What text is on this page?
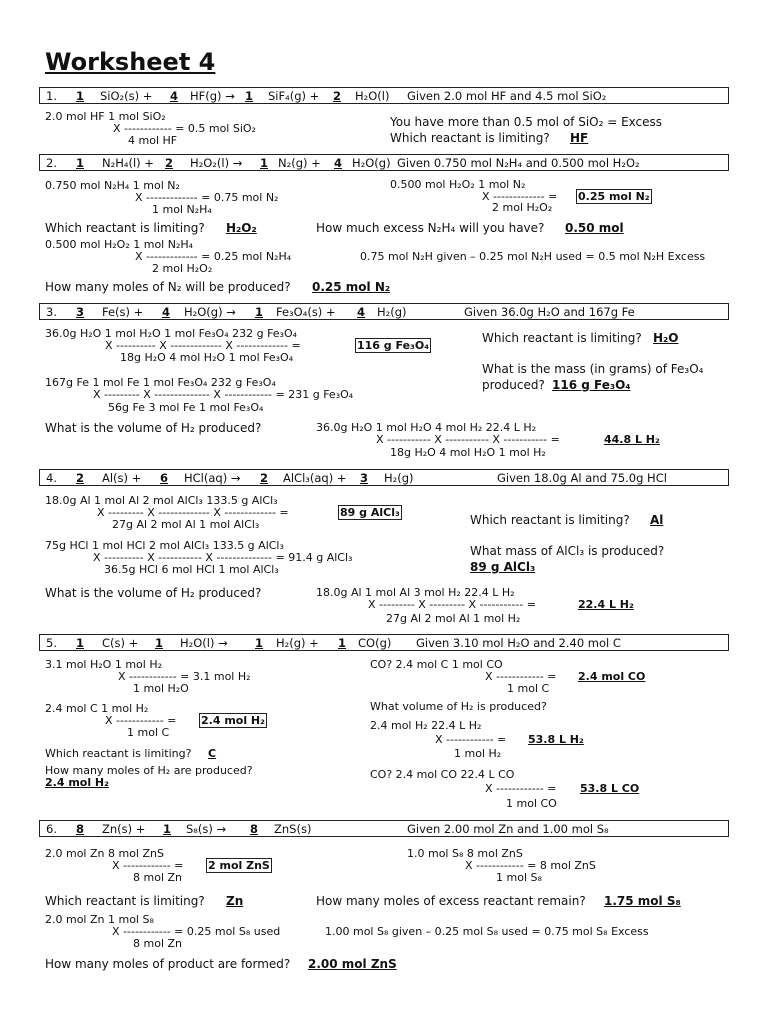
Worksheet 4
1. 1 SiO₂(s) + 4 HF(g) → 1 SiF₄(g) + 2 H₂O(l) Given 2.0 mol HF and 4.5 mol SiO₂
2.0 mol HF 1 mol SiO₂
X ------------ = 0.5 mol SiO₂
4 mol HF
You have more than 0.5 mol of SiO₂ = Excess
Which reactant is limiting? HF
2. 1 N₂H₄(l) + 2 H₂O₂(l) → 1 N₂(g) + 4 H₂O(g) Given 0.750 mol N₂H₄ and 0.500 mol H₂O₂
0.750 mol N₂H₄ 1 mol N₂
X ------------- = 0.75 mol N₂
1 mol N₂H₄
0.500 mol H₂O₂ 1 mol N₂
X ------------- = 0.25 mol N₂
2 mol H₂O₂
Which reactant is limiting? H₂O₂	How much excess N₂H₄ will you have? 0.50 mol
0.500 mol H₂O₂ 1 mol N₂H₄
X ------------- = 0.25 mol N₂H₄
2 mol H₂O₂
0.75 mol N₂H given – 0.25 mol N₂H used = 0.5 mol N₂H Excess
How many moles of N₂ will be produced? 0.25 mol N₂
3. 3 Fe(s) + 4 H₂O(g) → 1 Fe₃O₄(s) + 4 H₂(g)	Given 36.0g H₂O and 167g Fe
36.0g H₂O 1 mol H₂O 1 mol Fe₃O₄ 232 g Fe₃O₄
X ---------- X ------------- X ------------- =	116 g Fe₃O₄
18g H₂O 4 mol H₂O 1 mol Fe₃O₄
Which reactant is limiting? H₂O
167g Fe 1 mol Fe 1 mol Fe₃O₄ 232 g Fe₃O₄
X --------- X -------------- X ------------ = 231 g Fe₃O₄
56g Fe 3 mol Fe 1 mol Fe₃O₄
What is the mass (in grams) of Fe₃O₄
produced? 116 g Fe₃O₄
What is the volume of H₂ produced?	36.0g H₂O 1 mol H₂O 4 mol H₂ 22.4 L H₂
X ----------- X ----------- X ----------- =	44.8 L H₂
18g H₂O 4 mol H₂O 1 mol H₂
4. 2 Al(s) + 6 HCl(aq) → 2 AlCl₃(aq) + 3 H₂(g)	Given 18.0g Al and 75.0g HCl
18.0g Al 1 mol Al 2 mol AlCl₃ 133.5 g AlCl₃
X --------- X ------------- X ------------- =	89 g AlCl₃
27g Al 2 mol Al 1 mol AlCl₃	Which reactant is limiting? Al
75g HCl 1 mol HCl 2 mol AlCl₃ 133.5 g AlCl₃
X ---------- X ----------- X -------------- = 91.4 g AlCl₃
36.5g HCl 6 mol HCl 1 mol AlCl₃
What mass of AlCl₃ is produced?
89 g AlCl₃
What is the volume of H₂ produced?	18.0g Al 1 mol Al 3 mol H₂ 22.4 L H₂
X --------- X --------- X ----------- =	22.4 L H₂
27g Al 2 mol Al 1 mol H₂
5. 1 C(s) + 1 H₂O(l) → 1 H₂(g) + 1 CO(g) Given 3.10 mol H₂O and 2.40 mol C
3.1 mol H₂O 1 mol H₂
X ------------ = 3.1 mol H₂
1 mol H₂O
2.4 mol C 1 mol H₂
X ------------ = 2.4 mol H₂
1 mol C
Which reactant is limiting? C
How many moles of H₂ are produced?
2.4 mol H₂
CO? 2.4 mol C 1 mol CO
X ------------ = 2.4 mol CO
1 mol C
What volume of H₂ is produced?
2.4 mol H₂ 22.4 L H₂
X ------------ = 53.8 L H₂
1 mol H₂
CO? 2.4 mol CO 22.4 L CO
X ------------ = 53.8 L CO
1 mol CO
6. 8 Zn(s) + 1 S₈(s) → 8 ZnS(s)	Given 2.00 mol Zn and 1.00 mol S₈
2.0 mol Zn 8 mol ZnS
X ------------ = 2 mol ZnS
8 mol Zn
1.0 mol S₈ 8 mol ZnS
X ------------ = 8 mol ZnS
1 mol S₈
Which reactant is limiting? Zn	How many moles of excess reactant remain? 1.75 mol S₈
2.0 mol Zn 1 mol S₈
X ------------ = 0.25 mol S₈ used
8 mol Zn
1.00 mol S₈ given – 0.25 mol S₈ used = 0.75 mol S₈ Excess
How many moles of product are formed? 2.00 mol ZnS
